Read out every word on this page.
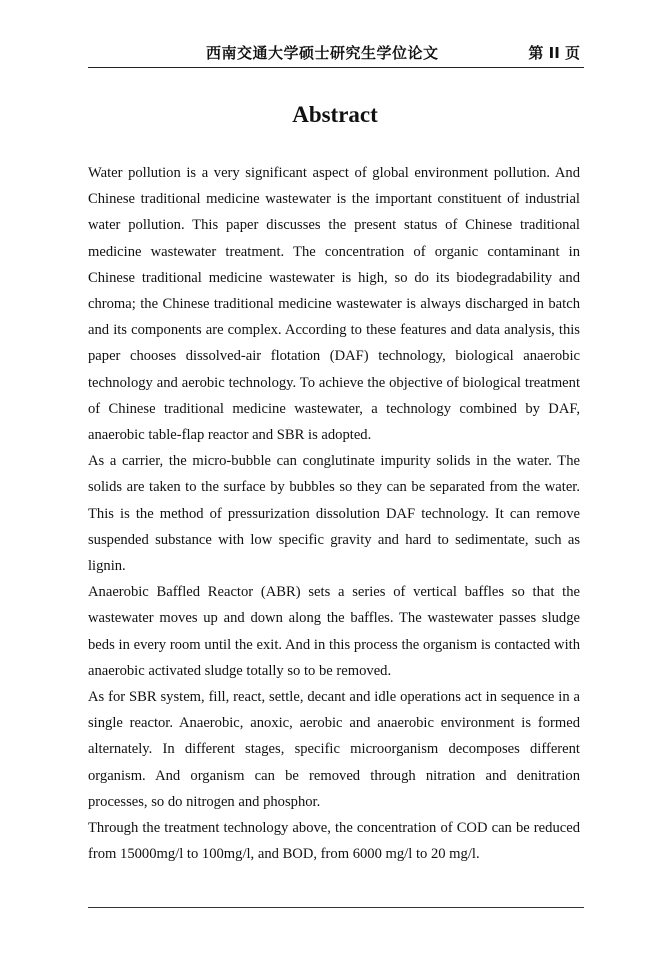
西南交通大学硕士研究生学位论文	第 II 页
Abstract

Water pollution is a very significant aspect of global environment pollution. And Chinese traditional medicine wastewater is the important constituent of industrial water pollution. This paper discusses the present status of Chinese traditional medicine wastewater treatment. The concentration of organic contaminant in Chinese traditional medicine wastewater is high, so do its biodegradability and chroma; the Chinese traditional medicine wastewater is always discharged in batch and its components are complex. According to these features and data analysis, this paper chooses dissolved-air flotation (DAF) technology, biological anaerobic technology and aerobic technology. To achieve the objective of biological treatment of Chinese traditional medicine wastewater, a technology combined by DAF, anaerobic table-flap reactor and SBR is adopted.

As a carrier, the micro-bubble can conglutinate impurity solids in the water. The solids are taken to the surface by bubbles so they can be separated from the water. This is the method of pressurization dissolution DAF technology. It can remove suspended substance with low specific gravity and hard to sedimentate, such as lignin.

Anaerobic Baffled Reactor (ABR) sets a series of vertical baffles so that the wastewater moves up and down along the baffles. The wastewater passes sludge beds in every room until the exit. And in this process the organism is contacted with anaerobic activated sludge totally so to be removed.

As for SBR system, fill, react, settle, decant and idle operations act in sequence in a single reactor. Anaerobic, anoxic, aerobic and anaerobic environment is formed alternately. In different stages, specific microorganism decomposes different organism. And organism can be removed through nitration and denitration processes, so do nitrogen and phosphor.

Through the treatment technology above, the concentration of COD can be reduced from 15000mg/l to 100mg/l, and BOD, from 6000 mg/l to 20 mg/l.
